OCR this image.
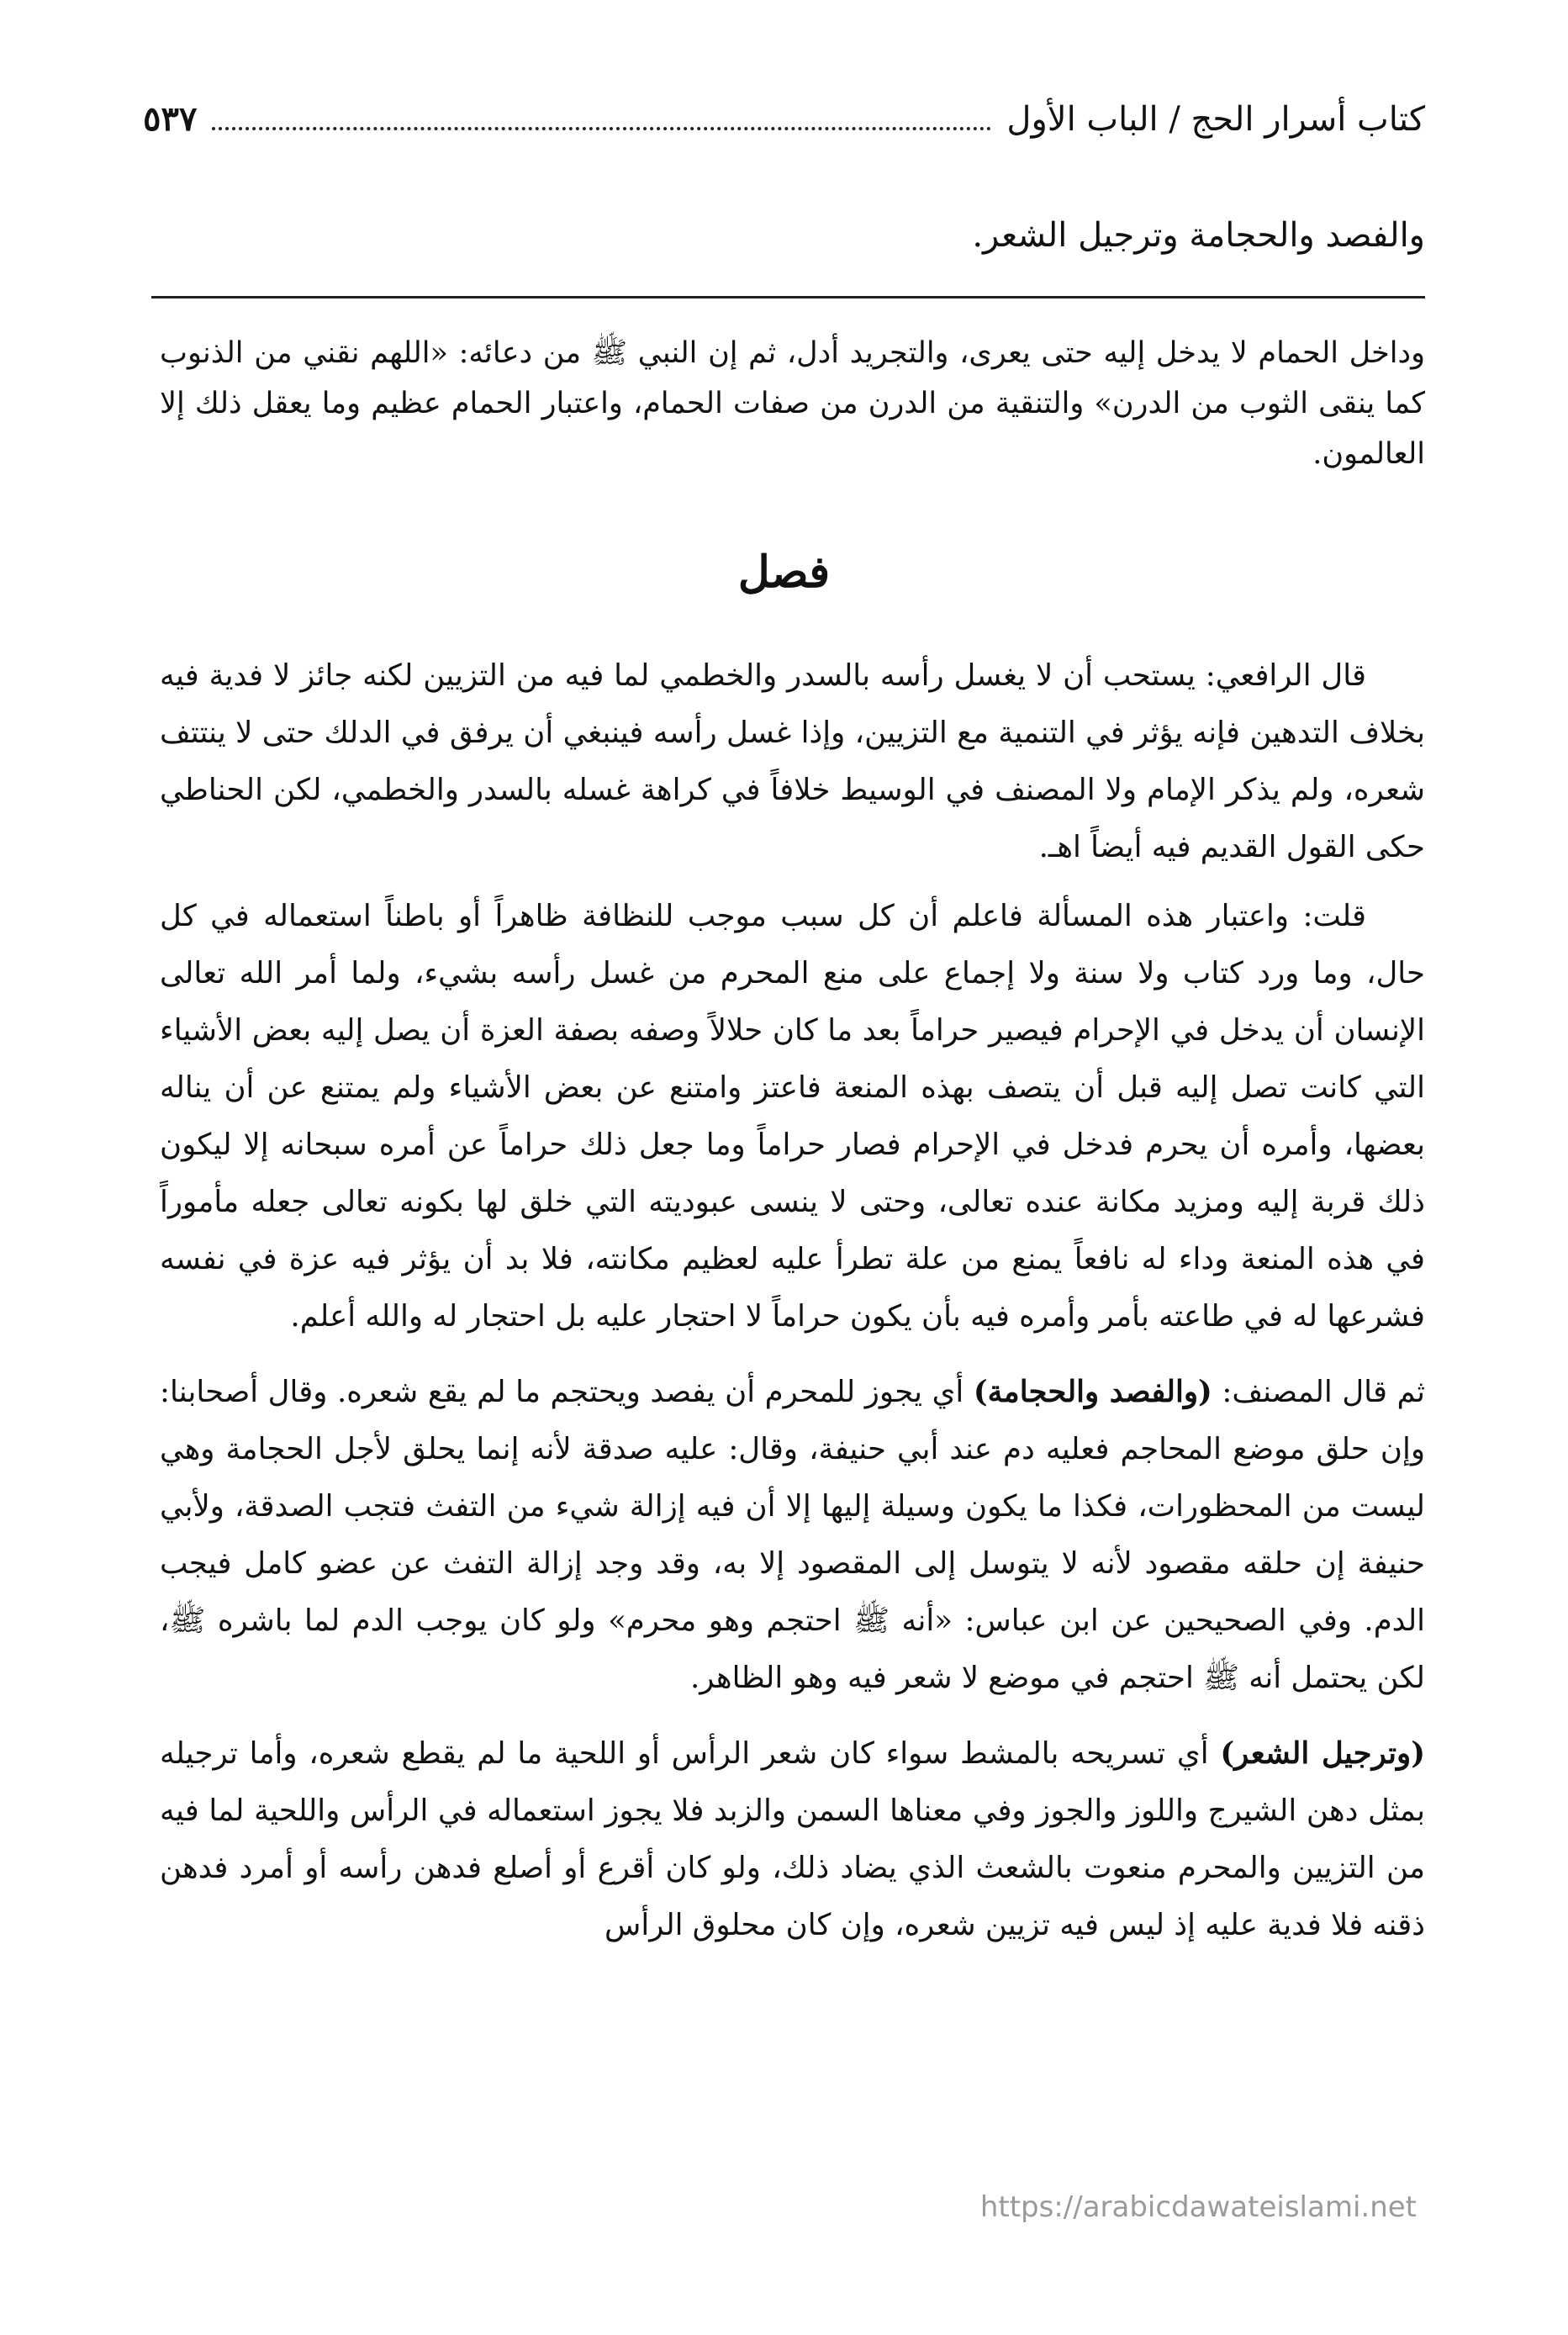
كتاب أسرار الحج / الباب الأول
٥٣٧
والفصد والحجامة وترجيل الشعر.
وداخل الحمام لا يدخل إليه حتى يعرى، والتجريد أدل، ثم إن النبي ﷺ من دعائه: «اللهم نقني من الذنوب كما ينقى الثوب من الدرن» والتنقية من الدرن من صفات الحمام، واعتبار الحمام عظيم وما يعقل ذلك إلا العالمون.
فصل

قال الرافعي: يستحب أن لا يغسل رأسه بالسدر والخطمي لما فيه من التزيين لكنه جائز لا فدية فيه بخلاف التدهين فإنه يؤثر في التنمية مع التزيين، وإذا غسل رأسه فينبغي أن يرفق في الدلك حتى لا ينتتف شعره، ولم يذكر الإمام ولا المصنف في الوسيط خلافاً في كراهة غسله بالسدر والخطمي، لكن الحناطي حكى القول القديم فيه أيضاً اهـ.

قلت: واعتبار هذه المسألة فاعلم أن كل سبب موجب للنظافة ظاهراً أو باطناً استعماله في كل حال، وما ورد كتاب ولا سنة ولا إجماع على منع المحرم من غسل رأسه بشيء، ولما أمر الله تعالى الإنسان أن يدخل في الإحرام فيصير حراماً بعد ما كان حلالاً وصفه بصفة العزة أن يصل إليه بعض الأشياء التي كانت تصل إليه قبل أن يتصف بهذه المنعة فاعتز وامتنع عن بعض الأشياء ولم يمتنع عن أن يناله بعضها، وأمره أن يحرم فدخل في الإحرام فصار حراماً وما جعل ذلك حراماً عن أمره سبحانه إلا ليكون ذلك قربة إليه ومزيد مكانة عنده تعالى، وحتى لا ينسى عبوديته التي خلق لها بكونه تعالى جعله مأموراً في هذه المنعة وداء له نافعاً يمنع من علة تطرأ عليه لعظيم مكانته، فلا بد أن يؤثر فيه عزة في نفسه فشرعها له في طاعته بأمر وأمره فيه بأن يكون حراماً لا احتجار عليه بل احتجار له والله أعلم.

ثم قال المصنف: (والفصد والحجامة) أي يجوز للمحرم أن يفصد ويحتجم ما لم يقع شعره. وقال أصحابنا: وإن حلق موضع المحاجم فعليه دم عند أبي حنيفة، وقال: عليه صدقة لأنه إنما يحلق لأجل الحجامة وهي ليست من المحظورات، فكذا ما يكون وسيلة إليها إلا أن فيه إزالة شيء من التفث فتجب الصدقة، ولأبي حنيفة إن حلقه مقصود لأنه لا يتوسل إلى المقصود إلا به، وقد وجد إزالة التفث عن عضو كامل فيجب الدم. وفي الصحيحين عن ابن عباس: «أنه ﷺ احتجم وهو محرم» ولو كان يوجب الدم لما باشره ﷺ، لكن يحتمل أنه ﷺ احتجم في موضع لا شعر فيه وهو الظاهر.

(وترجيل الشعر) أي تسريحه بالمشط سواء كان شعر الرأس أو اللحية ما لم يقطع شعره، وأما ترجيله بمثل دهن الشيرج واللوز والجوز وفي معناها السمن والزبد فلا يجوز استعماله في الرأس واللحية لما فيه من التزيين والمحرم منعوت بالشعث الذي يضاد ذلك، ولو كان أقرع أو أصلع فدهن رأسه أو أمرد فدهن ذقنه فلا فدية عليه إذ ليس فيه تزيين شعره، وإن كان محلوق الرأس

https://arabicdawateislami.net
